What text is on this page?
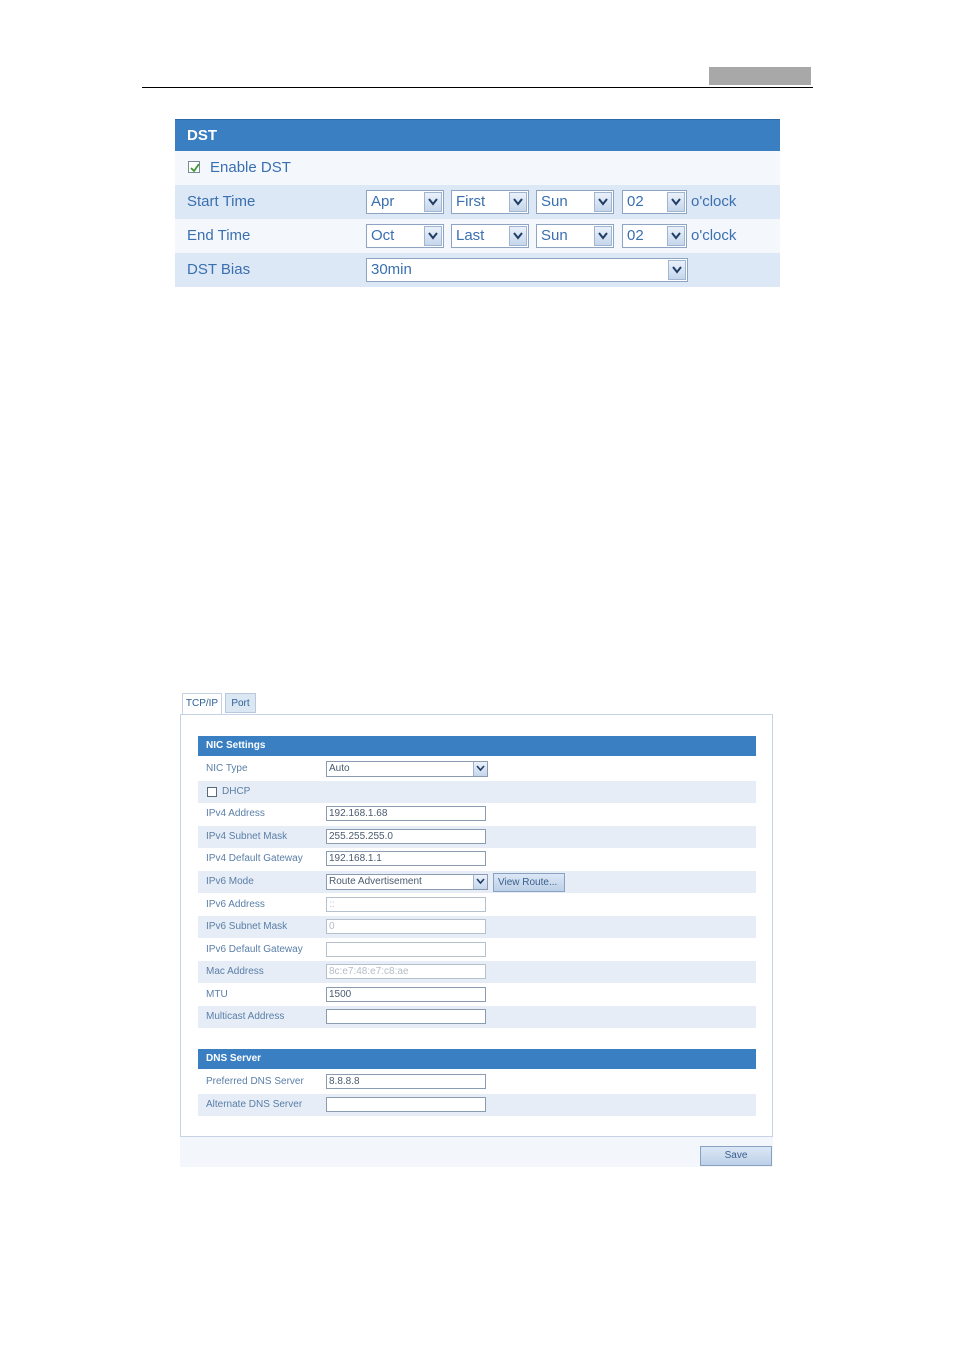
DST
Enable DST
Start Time	Apr	First	Sun	02	o'clock
End Time	Oct	Last	Sun	02	o'clock
DST Bias	30min
TCP/IP	Port
NIC Settings
NIC Type	Auto
DHCP
IPv4 Address	192.168.1.68
IPv4 Subnet Mask	255.255.255.0
IPv4 Default Gateway	192.168.1.1
IPv6 Mode	Route Advertisement	View Route...
IPv6 Address	::
IPv6 Subnet Mask	0
IPv6 Default Gateway
Mac Address	8c:e7:48:e7:c8:ae
MTU	1500
Multicast Address
DNS Server
Preferred DNS Server	8.8.8.8
Alternate DNS Server
Save
